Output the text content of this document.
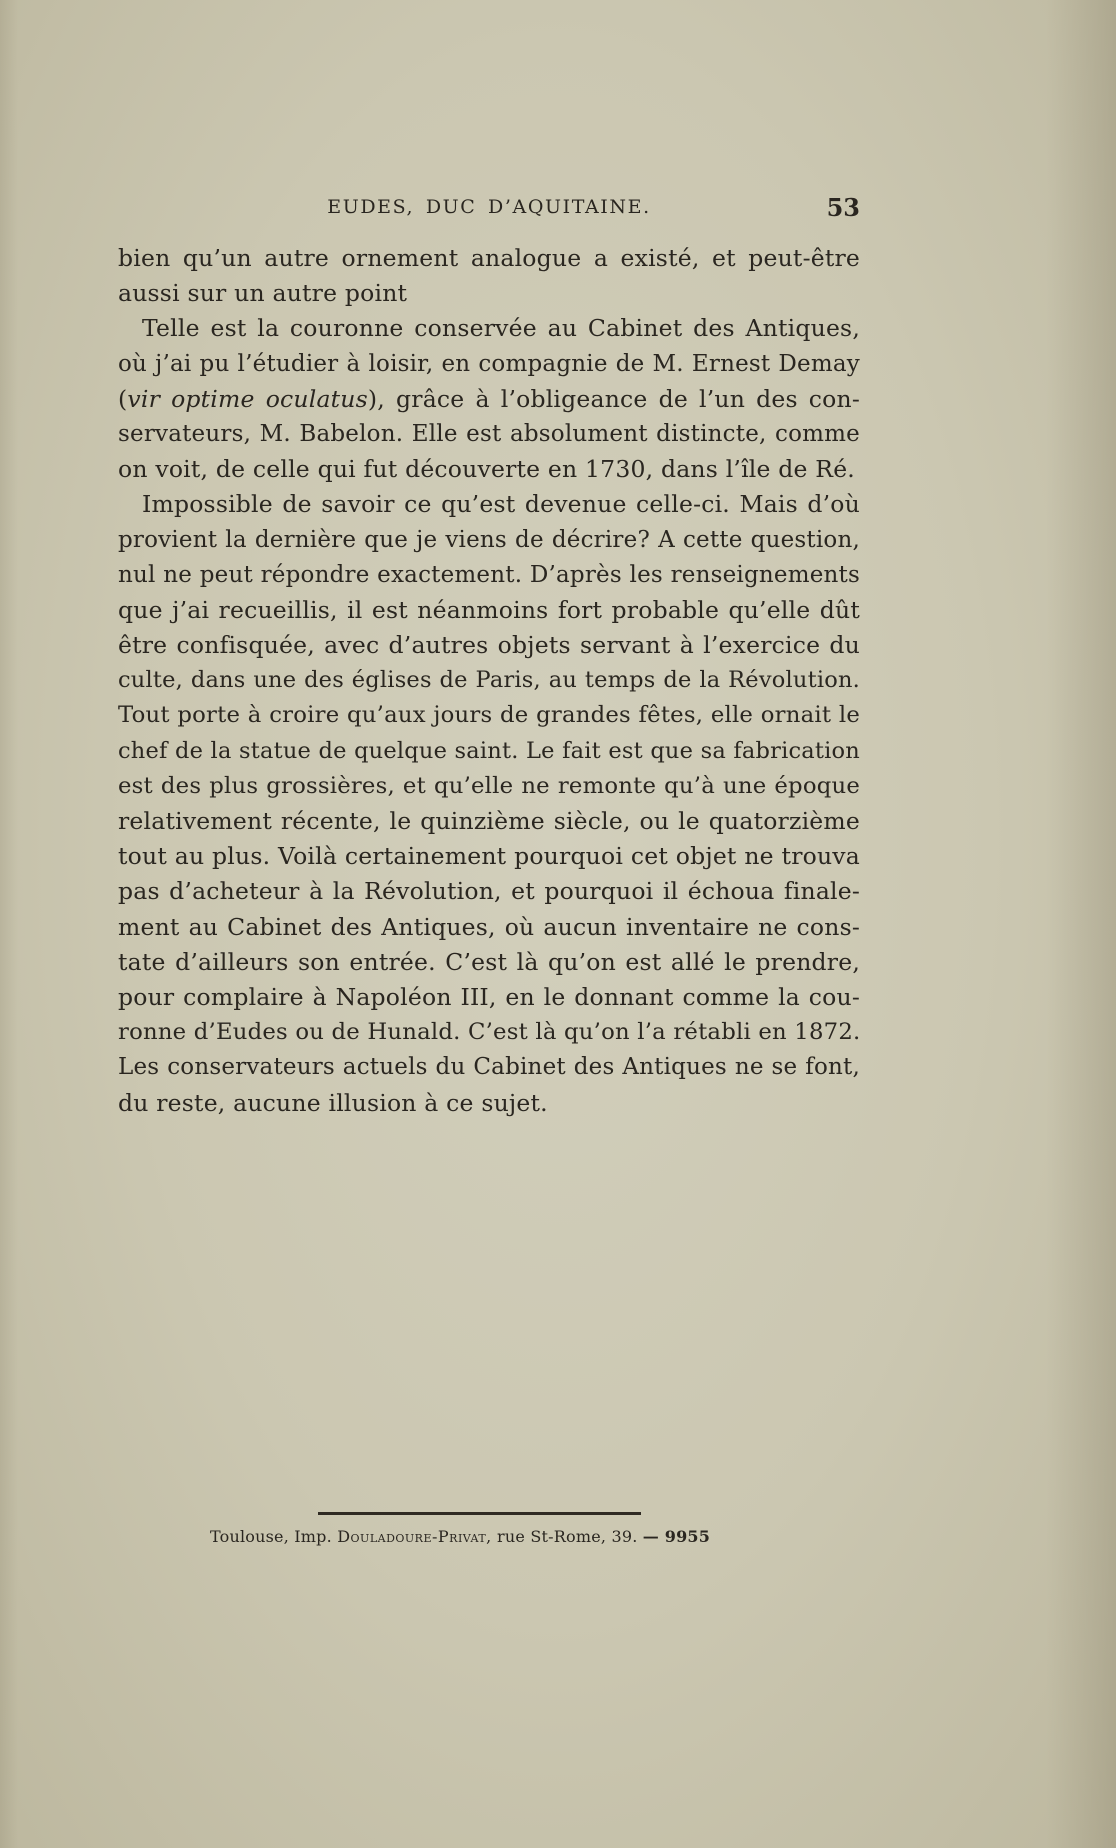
EUDES, DUC D’AQUITAINE.	53
bien qu’un autre ornement analogue a existé, et peut-être
aussi sur un autre point
Telle est la couronne conservée au Cabinet des Antiques,
où j’ai pu l’étudier à loisir, en compagnie de M. Ernest Demay
(vir optime oculatus), grâce à l’obligeance de l’un des con-
servateurs, M. Babelon. Elle est absolument distincte, comme
on voit, de celle qui fut découverte en 1730, dans l’île de Ré.
Impossible de savoir ce qu’est devenue celle-ci. Mais d’où
provient la dernière que je viens de décrire? A cette question,
nul ne peut répondre exactement. D’après les renseignements
que j’ai recueillis, il est néanmoins fort probable qu’elle dût
être confisquée, avec d’autres objets servant à l’exercice du
culte, dans une des églises de Paris, au temps de la Révolution.
Tout porte à croire qu’aux jours de grandes fêtes, elle ornait le
chef de la statue de quelque saint. Le fait est que sa fabrication
est des plus grossières, et qu’elle ne remonte qu’à une époque
relativement récente, le quinzième siècle, ou le quatorzième
tout au plus. Voilà certainement pourquoi cet objet ne trouva
pas d’acheteur à la Révolution, et pourquoi il échoua finale-
ment au Cabinet des Antiques, où aucun inventaire ne cons-
tate d’ailleurs son entrée. C’est là qu’on est allé le prendre,
pour complaire à Napoléon III, en le donnant comme la cou-
ronne d’Eudes ou de Hunald. C’est là qu’on l’a rétabli en 1872.
Les conservateurs actuels du Cabinet des Antiques ne se font,
du reste, aucune illusion à ce sujet.
Toulouse, Imp. Douladoure-Privat, rue St-Rome, 39. — 9955
